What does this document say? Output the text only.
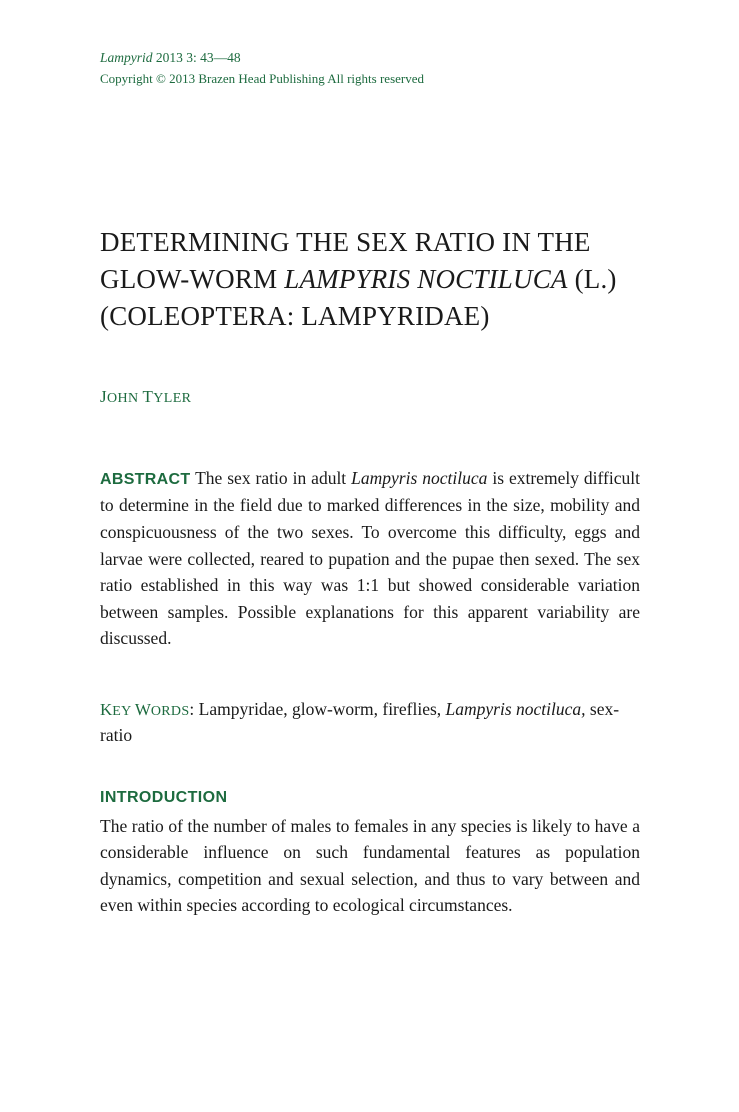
Lampyrid 2013 3: 43—48
Copyright © 2013 Brazen Head Publishing All rights reserved
DETERMINING THE SEX RATIO IN THE GLOW-WORM LAMPYRIS NOCTILUCA (L.) (COLEOPTERA: LAMPYRIDAE)
JOHN TYLER
ABSTRACT The sex ratio in adult Lampyris noctiluca is extremely difficult to determine in the field due to marked differences in the size, mobility and conspicuousness of the two sexes. To overcome this difficulty, eggs and larvae were collected, reared to pupation and the pupae then sexed. The sex ratio established in this way was 1:1 but showed considerable variation between samples. Possible explanations for this apparent variability are discussed.
KEY WORDS: Lampyridae, glow-worm, fireflies, Lampyris noctiluca, sex-ratio
INTRODUCTION
The ratio of the number of males to females in any species is likely to have a considerable influence on such fundamental features as population dynamics, competition and sexual selection, and thus to vary between and even within species according to ecological circumstances.
